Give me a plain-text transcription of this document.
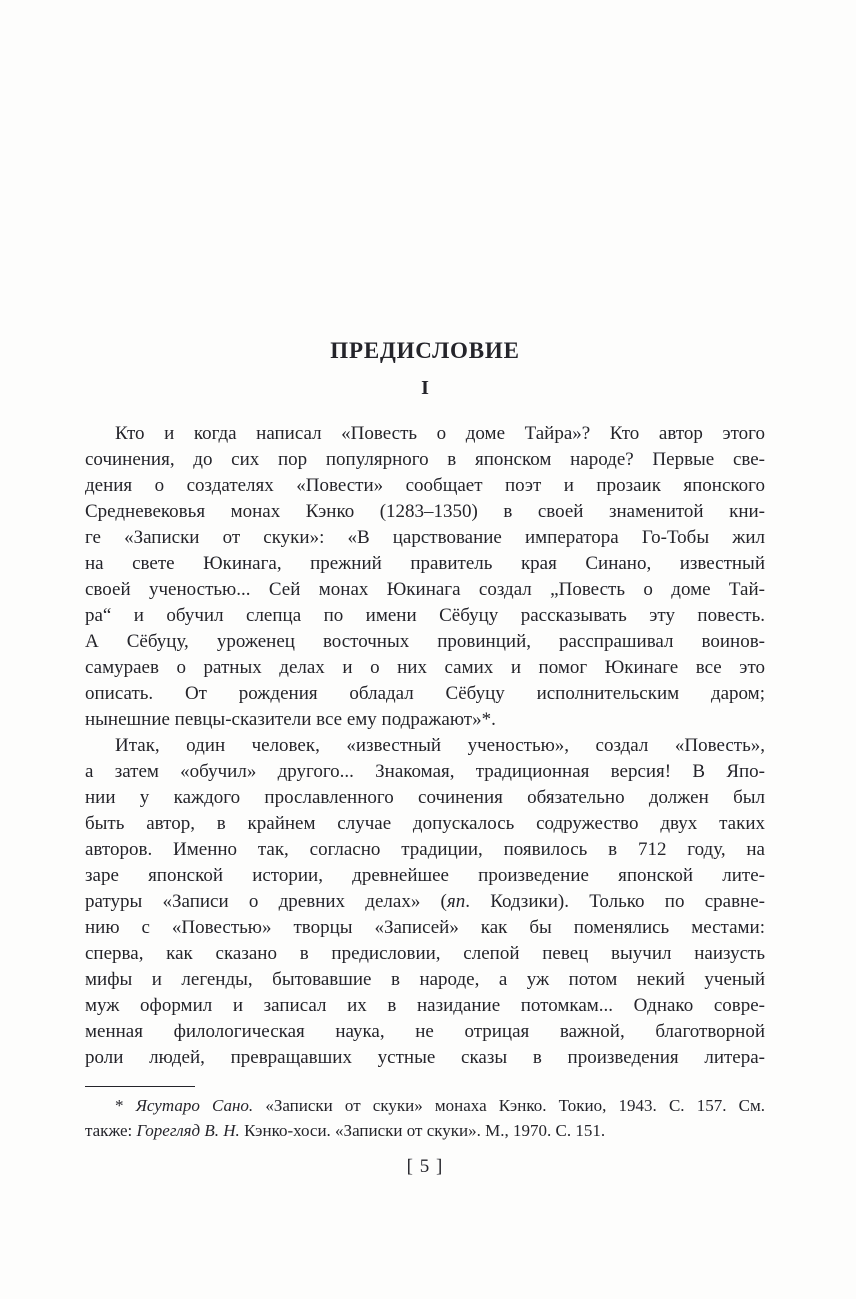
ПРЕДИСЛОВИЕ
I
Кто и когда написал «Повесть о доме Тайра»? Кто автор этого
сочинения, до сих пор популярного в японском народе? Первые све-
дения о создателях «Повести» сообщает поэт и прозаик японского
Средневековья монах Кэнко (1283–1350) в своей знаменитой кни-
ге «Записки от скуки»: «В царствование императора Го-Тобы жил
на свете Юкинага, прежний правитель края Синано, известный
своей ученостью... Сей монах Юкинага создал „Повесть о доме Тай-
ра“ и обучил слепца по имени Сёбуцу рассказывать эту повесть.
А Сёбуцу, уроженец восточных провинций, расспрашивал воинов-
самураев о ратных делах и о них самих и помог Юкинаге все это
описать. От рождения обладал Сёбуцу исполнительским даром;
нынешние певцы-сказители все ему подражают»*.
Итак, один человек, «известный ученостью», создал «Повесть»,
а затем «обучил» другого... Знакомая, традиционная версия! В Япо-
нии у каждого прославленного сочинения обязательно должен был
быть автор, в крайнем случае допускалось содружество двух таких
авторов. Именно так, согласно традиции, появилось в 712 году, на
заре японской истории, древнейшее произведение японской лите-
ратуры «Записи о древних делах» (яп. Кодзики). Только по сравне-
нию с «Повестью» творцы «Записей» как бы поменялись местами:
сперва, как сказано в предисловии, слепой певец выучил наизусть
мифы и легенды, бытовавшие в народе, а уж потом некий ученый
муж оформил и записал их в назидание потомкам... Однако совре-
менная филологическая наука, не отрицая важной, благотворной
роли людей, превращавших устные сказы в произведения литера-
* Ясутаро Сано. «Записки от скуки» монаха Кэнко. Токио, 1943. С. 157. См.
также: Горегляд В. Н. Кэнко-хоси. «Записки от скуки». М., 1970. С. 151.
[ 5 ]
